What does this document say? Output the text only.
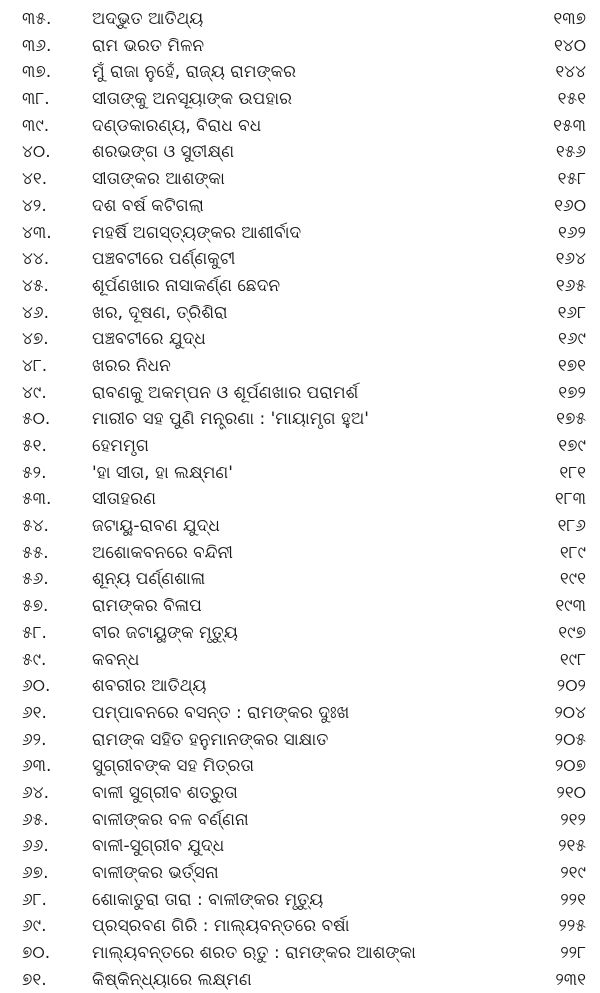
୩୫.	ଅଦ୍ଭୁତ ଆତିଥ୍ୟ	୧୩୭
୩୬.	ରାମ ଭରତ ମିଳନ	୧୪୦
୩୭.	ମୁଁ ରାଜା ନୁହେଁ, ରାଜ୍ୟ ରାମଙ୍କର	୧୪୪
୩୮.	ସୀତାଙ୍କୁ ଅନସୂୟାଙ୍କ ଉପହାର	୧୫୧
୩୯.	ଦଣ୍ଡକାରଣ୍ୟ, ବିରାଧ ବଧ	୧୫୩
୪୦.	ଶରଭଙ୍ଗ ଓ ସୁତୀକ୍ଷ୍ଣ	୧୫୬
୪୧.	ସୀତାଙ୍କର ଆଶଙ୍କା	୧୫୮
୪୨.	ଦଶ ବର୍ଷ କଟିଗଲା	୧୬୦
୪୩.	ମହର୍ଷି ଅଗସ୍ତ୍ୟଙ୍କର ଆଶୀର୍ବାଦ	୧୬୨
୪୪.	ପଞ୍ଚବଟୀରେ ପର୍ଣ୍ଣକୁଟୀ	୧୬୪
୪୫.	ଶୂର୍ପଣଖାର ନାସାକର୍ଣ୍ଣ ଛେଦନ	୧୬୫
୪୬.	ଖର, ଦୂଷଣ, ତ୍ରିଶିରା	୧୬୮
୪୭.	ପଞ୍ଚବଟୀରେ ଯୁଦ୍ଧ	୧୬୯
୪୮.	ଖରର ନିଧନ	୧୭୧
୪୯.	ରାବଣକୁ ଅକମ୍ପନ ଓ ଶୂର୍ପଣଖାର ପରାମର୍ଶ	୧୭୨
୫୦.	ମାରୀଚ ସହ ପୁଣି ମନ୍ତ୍ରଣା : 'ମାୟାମୃଗ ହୁଅ'	୧୭୫
୫୧.	ହେମମୃଗ	୧୭୯
୫୨.	'ହା ସୀତା, ହା ଲକ୍ଷ୍ମଣ'	୧୮୧
୫୩.	ସୀତାହରଣ	୧୮୩
୫୪.	ଜଟାୟୁ-ରାବଣ ଯୁଦ୍ଧ	୧୮୬
୫୫.	ଅଶୋକବନରେ ବନ୍ଦିନୀ	୧୮୯
୫୬.	ଶୂନ୍ୟ ପର୍ଣ୍ଣଶାଳା	୧୯୧
୫୭.	ରାମଙ୍କର ବିଳାପ	୧୯୩
୫୮.	ବୀର ଜଟାୟୁଙ୍କ ମୃତ୍ୟୁ	୧୯୭
୫୯.	କବନ୍ଧ	୧୯୮
୬୦.	ଶବରୀର ଆତିଥ୍ୟ	୨୦୨
୬୧.	ପମ୍ପାବନରେ ବସନ୍ତ : ରାମଙ୍କର ଦୁଃଖ	୨୦୪
୬୨.	ରାମଙ୍କ ସହିତ ହନୁମାନଙ୍କର ସାକ୍ଷାତ	୨୦୫
୬୩.	ସୁଗ୍ରୀବଙ୍କ ସହ ମିତ୍ରତା	୨୦୭
୬୪.	ବାଳୀ ସୁଗ୍ରୀବ ଶତ୍ରୁତା	୨୧୦
୬୫.	ବାଳୀଙ୍କର ବଳ ବର୍ଣ୍ଣନା	୨୧୨
୬୬.	ବାଳୀ-ସୁଗ୍ରୀବ ଯୁଦ୍ଧ	୨୧୫
୬୭.	ବାଳୀଙ୍କର ଭର୍ତ୍ସନା	୨୧୯
୬୮.	ଶୋକାତୁରା ତାରା : ବାଳୀଙ୍କର ମୃତ୍ୟୁ	୨୨୧
୬୯.	ପ୍ରସ୍ରବଣ ଗିରି : ମାଲ୍ୟବନ୍ତରେ ବର୍ଷା	୨୨୫
୭୦.	ମାଲ୍ୟବନ୍ତରେ ଶରତ ଋତୁ : ରାମଙ୍କର ଆଶଙ୍କା	୨୨୮
୭୧.	କିଷ୍କିନ୍ଧ୍ୟାରେ ଲକ୍ଷ୍ମଣ	୨୩୧
